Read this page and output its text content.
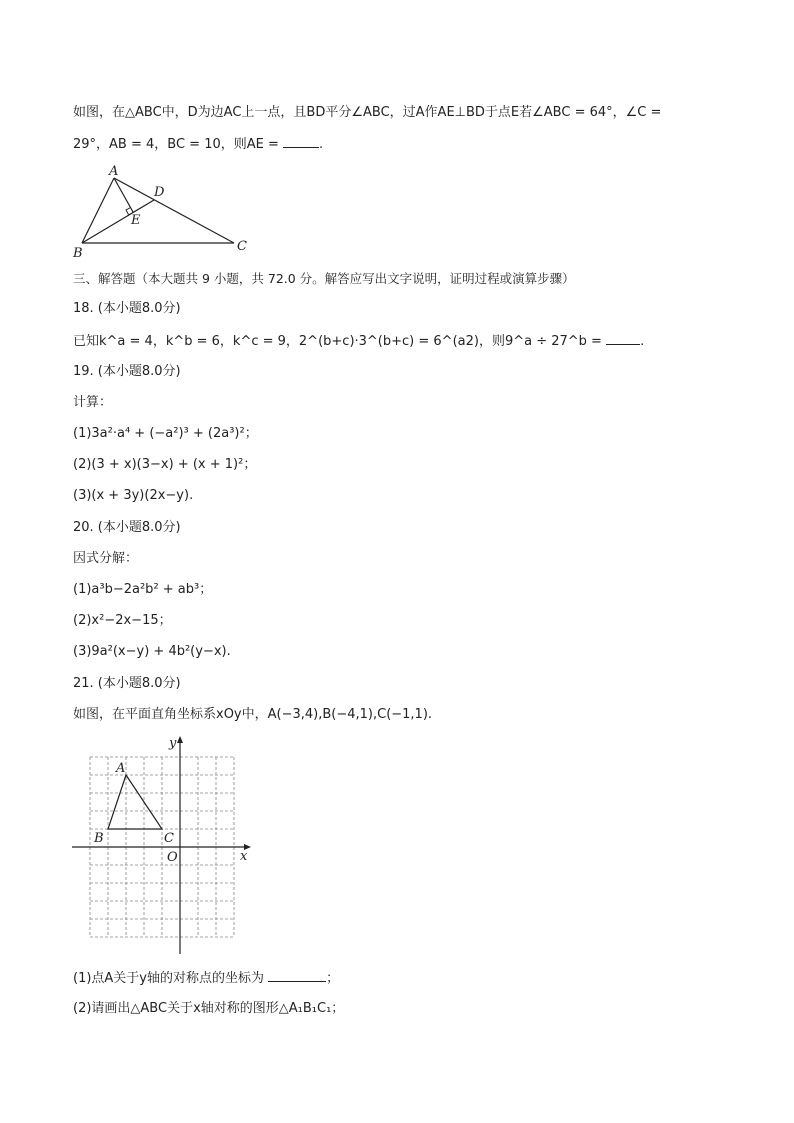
如图，在△ABC中，D为边AC上一点，且BD平分∠ABC，过A作AE⊥BD于点E若∠ABC = 64°，∠C =
29°，AB = 4，BC = 10，则AE =	.
A
B	C
D
E
三、解答题（本大题共 9 小题，共 72.0 分。解答应写出文字说明，证明过程或演算步骤）
18. (本小题8.0分)
已知k^a = 4，k^b = 6，k^c = 9，2^(b+c)·3^(b+c) = 6^(a2)，则9^a ÷ 27^b =	.
19. (本小题8.0分)
计算：
(1)3a²·a⁴ + (−a²)³ + (2a³)²；
(2)(3 + x)(3−x) + (x + 1)²；
(3)(x + 3y)(2x−y).
20. (本小题8.0分)
因式分解：
(1)a³b−2a²b² + ab³；
(2)x²−2x−15；
(3)9a²(x−y) + 4b²(y−x).
21. (本小题8.0分)
如图，在平面直角坐标系xOy中，A(−3,4),B(−4,1),C(−1,1).
y
x
O
A
B	C
(1)点A关于y轴的对称点的坐标为	；
(2)请画出△ABC关于x轴对称的图形△A₁B₁C₁；
